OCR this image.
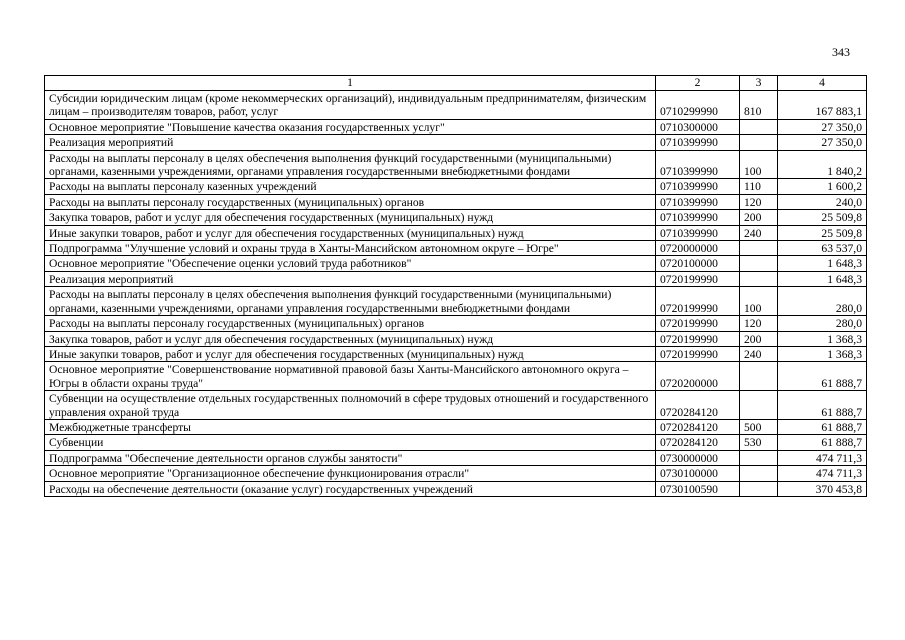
343
1	2	3	4
Субсидии юридическим лицам (кроме некоммерческих организаций), индивидуальным предпринимателям, физическим лицам – производителям товаров, работ, услуг	0710299990	810	167 883,1
Основное мероприятие "Повышение качества оказания государственных услуг"	0710300000		27 350,0
Реализация мероприятий	0710399990		27 350,0
Расходы на выплаты персоналу в целях обеспечения выполнения функций государственными (муниципальными) органами, казенными учреждениями, органами управления государственными внебюджетными фондами	0710399990	100	1 840,2
Расходы на выплаты персоналу казенных учреждений	0710399990	110	1 600,2
Расходы на выплаты персоналу государственных (муниципальных) органов	0710399990	120	240,0
Закупка товаров, работ и услуг для обеспечения государственных (муниципальных) нужд	0710399990	200	25 509,8
Иные закупки товаров, работ и услуг для обеспечения государственных (муниципальных) нужд	0710399990	240	25 509,8
Подпрограмма "Улучшение условий и охраны труда в Ханты-Мансийском автономном округе – Югре"	0720000000		63 537,0
Основное мероприятие "Обеспечение оценки условий труда работников"	0720100000		1 648,3
Реализация мероприятий	0720199990		1 648,3
Расходы на выплаты персоналу в целях обеспечения выполнения функций государственными (муниципальными) органами, казенными учреждениями, органами управления государственными внебюджетными фондами	0720199990	100	280,0
Расходы на выплаты персоналу государственных (муниципальных) органов	0720199990	120	280,0
Закупка товаров, работ и услуг для обеспечения государственных (муниципальных) нужд	0720199990	200	1 368,3
Иные закупки товаров, работ и услуг для обеспечения государственных (муниципальных) нужд	0720199990	240	1 368,3
Основное мероприятие "Совершенствование нормативной правовой базы Ханты-Мансийского автономного округа – Югры в области охраны труда"	0720200000		61 888,7
Субвенции на осуществление отдельных государственных полномочий в сфере трудовых отношений и государственного управления охраной труда	0720284120		61 888,7
Межбюджетные трансферты	0720284120	500	61 888,7
Субвенции	0720284120	530	61 888,7
Подпрограмма "Обеспечение деятельности органов службы занятости"	0730000000		474 711,3
Основное мероприятие "Организационное обеспечение функционирования отрасли"	0730100000		474 711,3
Расходы на обеспечение деятельности (оказание услуг) государственных учреждений	0730100590		370 453,8
